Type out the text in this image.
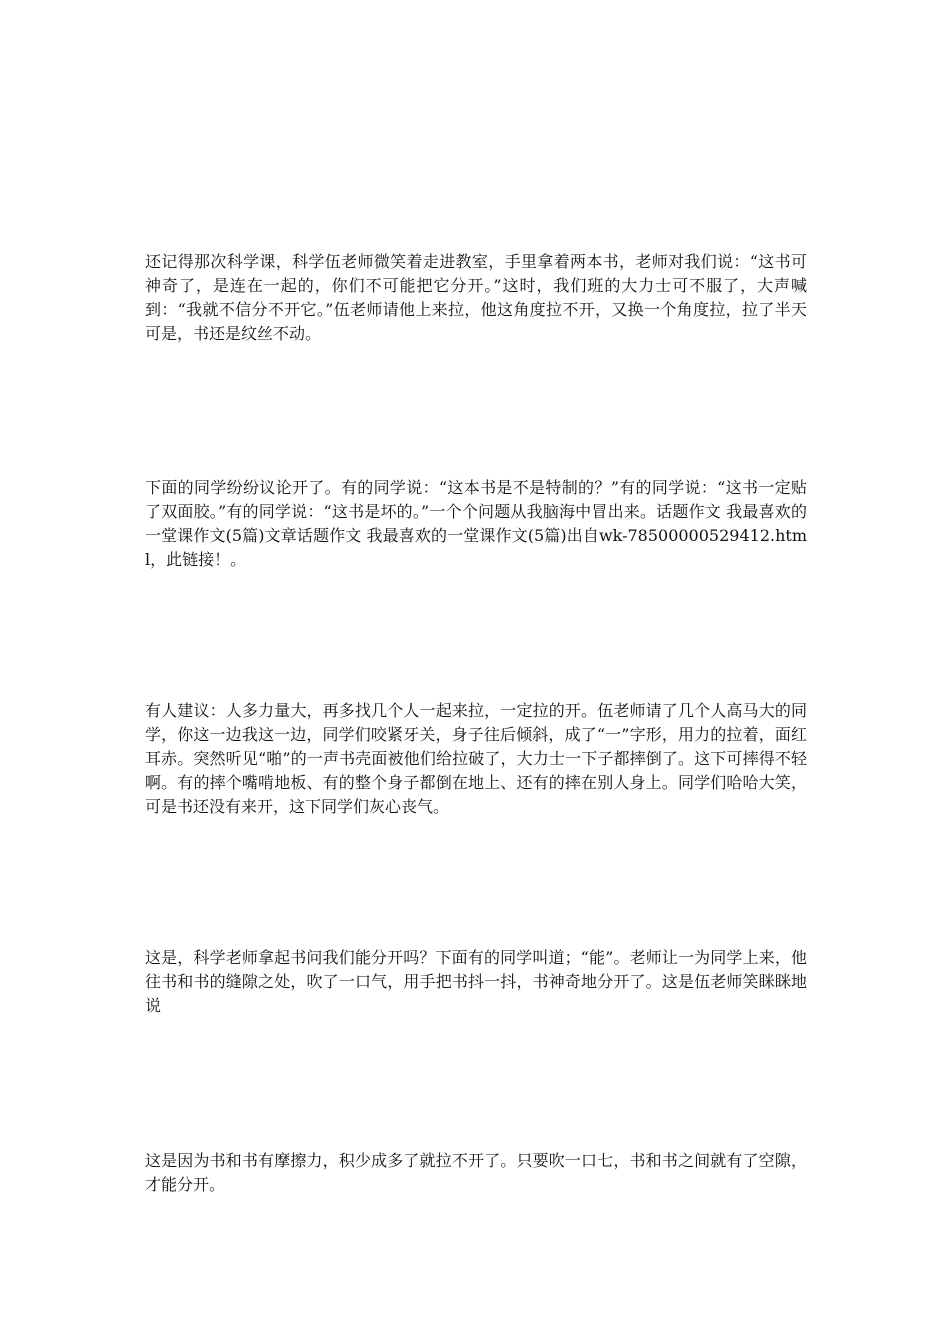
还记得那次科学课，科学伍老师微笑着走进教室，手里拿着两本书，老师对我们说：“这书可神奇了，是连在一起的，你们不可能把它分开。”这时，我们班的大力士可不服了，大声喊到：“我就不信分不开它。”伍老师请他上来拉，他这角度拉不开，又换一个角度拉，拉了半天可是，书还是纹丝不动。

下面的同学纷纷议论开了。有的同学说：“这本书是不是特制的？”有的同学说：“这书一定贴了双面胶。”有的同学说：“这书是坏的。”一个个问题从我脑海中冒出来。话题作文 我最喜欢的一堂课作文(5篇)文章话题作文 我最喜欢的一堂课作文(5篇)出自wk-78500000529412.html，此链接！。

有人建议：人多力量大，再多找几个人一起来拉，一定拉的开。伍老师请了几个人高马大的同学，你这一边我这一边，同学们咬紧牙关，身子往后倾斜，成了“一”字形，用力的拉着，面红耳赤。突然听见“啪”的一声书壳面被他们给拉破了，大力士一下子都摔倒了。这下可摔得不轻啊。有的摔个嘴啃地板、有的整个身子都倒在地上、还有的摔在别人身上。同学们哈哈大笑，可是书还没有来开，这下同学们灰心丧气。

这是，科学老师拿起书问我们能分开吗？下面有的同学叫道；“能”。老师让一为同学上来，他往书和书的缝隙之处，吹了一口气，用手把书抖一抖，书神奇地分开了。这是伍老师笑眯眯地说

这是因为书和书有摩擦力，积少成多了就拉不开了。只要吹一口七，书和书之间就有了空隙，才能分开。
